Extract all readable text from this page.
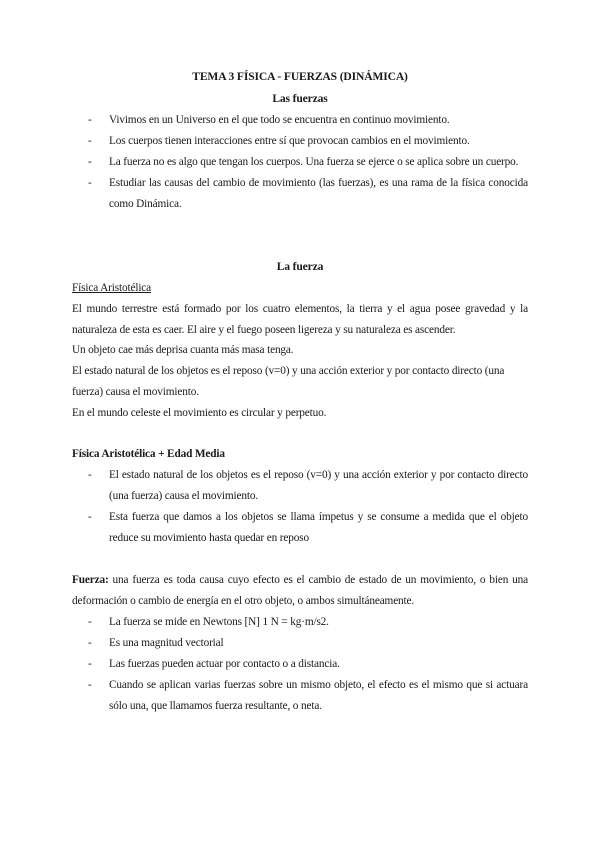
TEMA 3 FÍSICA - FUERZAS (DINÁMICA)
Las fuerzas
- Vivimos en un Universo en el que todo se encuentra en continuo movimiento.
- Los cuerpos tienen interacciones entre sí que provocan cambios en el movimiento.
- La fuerza no es algo que tengan los cuerpos. Una fuerza se ejerce o se aplica sobre un cuerpo.
- Estudiar las causas del cambio de movimiento (las fuerzas), es una rama de la física conocida como Dinámica.
La fuerza
Física Aristotélica
El mundo terrestre está formado por los cuatro elementos, la tierra y el agua posee gravedad y la naturaleza de esta es caer. El aire y el fuego poseen ligereza y su naturaleza es ascender.
Un objeto cae más deprisa cuanta más masa tenga.
El estado natural de los objetos es el reposo (v=0) y una acción exterior y por contacto directo (una fuerza) causa el movimiento.
En el mundo celeste el movimiento es circular y perpetuo.
Física Aristotélica + Edad Media
- El estado natural de los objetos es el reposo (v=0) y una acción exterior y por contacto directo (una fuerza) causa el movimiento.
- Esta fuerza que damos a los objetos se llama ímpetus y se consume a medida que el objeto reduce su movimiento hasta quedar en reposo
Fuerza: una fuerza es toda causa cuyo efecto es el cambio de estado de un movimiento, o bien una deformación o cambio de energía en el otro objeto, o ambos simultáneamente.
- La fuerza se mide en Newtons [N] 1 N = kg·m/s2.
- Es una magnitud vectorial
- Las fuerzas pueden actuar por contacto o a distancia.
- Cuando se aplican varias fuerzas sobre un mismo objeto, el efecto es el mismo que si actuara sólo una, que llamamos fuerza resultante, o neta.
